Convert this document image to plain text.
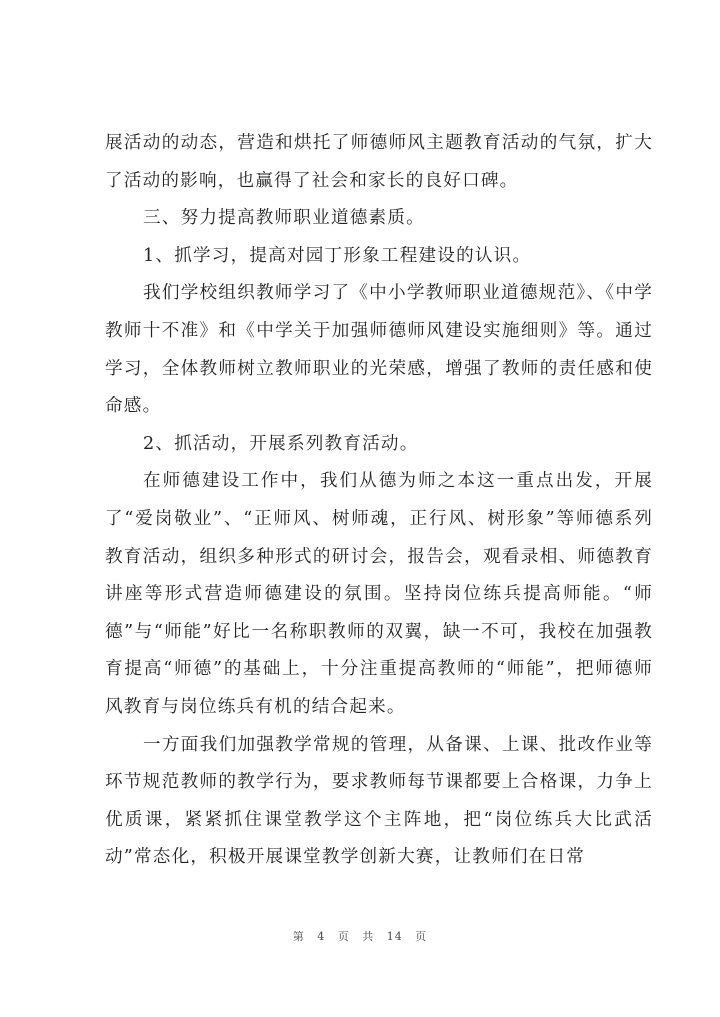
展活动的动态，营造和烘托了师德师风主题教育活动的气氛，扩大了活动的影响，也赢得了社会和家长的良好口碑。

三、努力提高教师职业道德素质。

1、抓学习，提高对园丁形象工程建设的认识。

我们学校组织教师学习了《中小学教师职业道德规范》、《中学教师十不准》和《中学关于加强师德师风建设实施细则》等。通过学习，全体教师树立教师职业的光荣感，增强了教师的责任感和使命感。

2、抓活动，开展系列教育活动。

在师德建设工作中，我们从德为师之本这一重点出发，开展了“爱岗敬业”、“正师风、树师魂，正行风、树形象”等师德系列教育活动，组织多种形式的研讨会，报告会，观看录相、师德教育讲座等形式营造师德建设的氛围。坚持岗位练兵提高师能。“师德”与“师能”好比一名称职教师的双翼，缺一不可，我校在加强教育提高“师德”的基础上，十分注重提高教师的“师能”，把师德师风教育与岗位练兵有机的结合起来。

一方面我们加强教学常规的管理，从备课、上课、批改作业等环节规范教师的教学行为，要求教师每节课都要上合格课，力争上优质课，紧紧抓住课堂教学这个主阵地，把“岗位练兵大比武活动”常态化，积极开展课堂教学创新大赛，让教师们在日常

第 4 页 共 14 页
